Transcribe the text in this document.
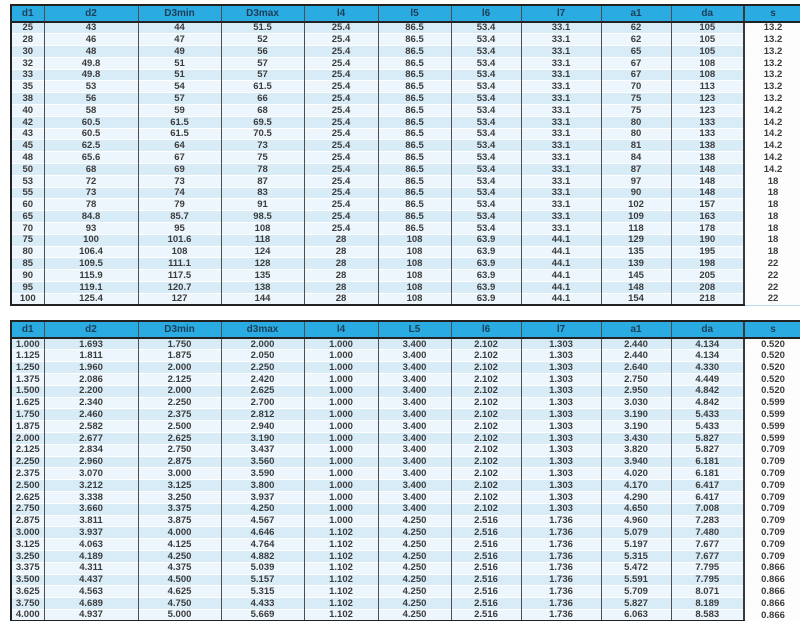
d1	d2	D3min	D3max	l4	l5	l6	l7	a1	da	s
25	43	44	51.5	25.4	86.5	53.4	33.1	62	105	13.2
28	46	47	52	25.4	86.5	53.4	33.1	62	105	13.2
30	48	49	56	25.4	86.5	53.4	33.1	65	105	13.2
32	49.8	51	57	25.4	86.5	53.4	33.1	67	108	13.2
33	49.8	51	57	25.4	86.5	53.4	33.1	67	108	13.2
35	53	54	61.5	25.4	86.5	53.4	33.1	70	113	13.2
38	56	57	66	25.4	86.5	53.4	33.1	75	123	13.2
40	58	59	68	25.4	86.5	53.4	33.1	75	123	14.2
42	60.5	61.5	69.5	25.4	86.5	53.4	33.1	80	133	14.2
43	60.5	61.5	70.5	25.4	86.5	53.4	33.1	80	133	14.2
45	62.5	64	73	25.4	86.5	53.4	33.1	81	138	14.2
48	65.6	67	75	25.4	86.5	53.4	33.1	84	138	14.2
50	68	69	78	25.4	86.5	53.4	33.1	87	148	14.2
53	72	73	87	25.4	86.5	53.4	33.1	97	148	18
55	73	74	83	25.4	86.5	53.4	33.1	90	148	18
60	78	79	91	25.4	86.5	53.4	33.1	102	157	18
65	84.8	85.7	98.5	25.4	86.5	53.4	33.1	109	163	18
70	93	95	108	25.4	86.5	53.4	33.1	118	178	18
75	100	101.6	118	28	108	63.9	44.1	129	190	18
80	106.4	108	124	28	108	63.9	44.1	135	195	18
85	109.5	111.1	128	28	108	63.9	44.1	139	198	22
90	115.9	117.5	135	28	108	63.9	44.1	145	205	22
95	119.1	120.7	138	28	108	63.9	44.1	148	208	22
100	125.4	127	144	28	108	63.9	44.1	154	218	22
d1	d2	D3min	d3max	l4	L5	l6	l7	a1	da	s
1.000	1.693	1.750	2.000	1.000	3.400	2.102	1.303	2.440	4.134	0.520
1.125	1.811	1.875	2.050	1.000	3.400	2.102	1.303	2.440	4.134	0.520
1.250	1.960	2.000	2.250	1.000	3.400	2.102	1.303	2.640	4.330	0.520
1.375	2.086	2.125	2.420	1.000	3.400	2.102	1.303	2.750	4.449	0.520
1.500	2.200	2.000	2.625	1.000	3.400	2.102	1.303	2.950	4.842	0.520
1.625	2.340	2.250	2.700	1.000	3.400	2.102	1.303	3.030	4.842	0.599
1.750	2.460	2.375	2.812	1.000	3.400	2.102	1.303	3.190	5.433	0.599
1.875	2.582	2.500	2.940	1.000	3.400	2.102	1.303	3.190	5.433	0.599
2.000	2.677	2.625	3.190	1.000	3.400	2.102	1.303	3.430	5.827	0.599
2.125	2.834	2.750	3.437	1.000	3.400	2.102	1.303	3.820	5.827	0.709
2.250	2.960	2.875	3.560	1.000	3.400	2.102	1.303	3.940	6.181	0.709
2.375	3.070	3.000	3.590	1.000	3.400	2.102	1.303	4.020	6.181	0.709
2.500	3.212	3.125	3.800	1.000	3.400	2.102	1.303	4.170	6.417	0.709
2.625	3.338	3.250	3.937	1.000	3.400	2.102	1.303	4.290	6.417	0.709
2.750	3.660	3.375	4.250	1.000	3.400	2.102	1.303	4.650	7.008	0.709
2.875	3.811	3.875	4.567	1.000	4.250	2.516	1.736	4.960	7.283	0.709
3.000	3.937	4.000	4.646	1.102	4.250	2.516	1.736	5.079	7.480	0.709
3.125	4.063	4.125	4.764	1.102	4.250	2.516	1.736	5.197	7.677	0.709
3.250	4.189	4.250	4.882	1.102	4.250	2.516	1.736	5.315	7.677	0.709
3.375	4.311	4.375	5.039	1.102	4.250	2.516	1.736	5.472	7.795	0.866
3.500	4.437	4.500	5.157	1.102	4.250	2.516	1.736	5.591	7.795	0.866
3.625	4.563	4.625	5.315	1.102	4.250	2.516	1.736	5.709	8.071	0.866
3.750	4.689	4.750	4.433	1.102	4.250	2.516	1.736	5.827	8.189	0.866
4.000	4.937	5.000	5.669	1.102	4.250	2.516	1.736	6.063	8.583	0.866
